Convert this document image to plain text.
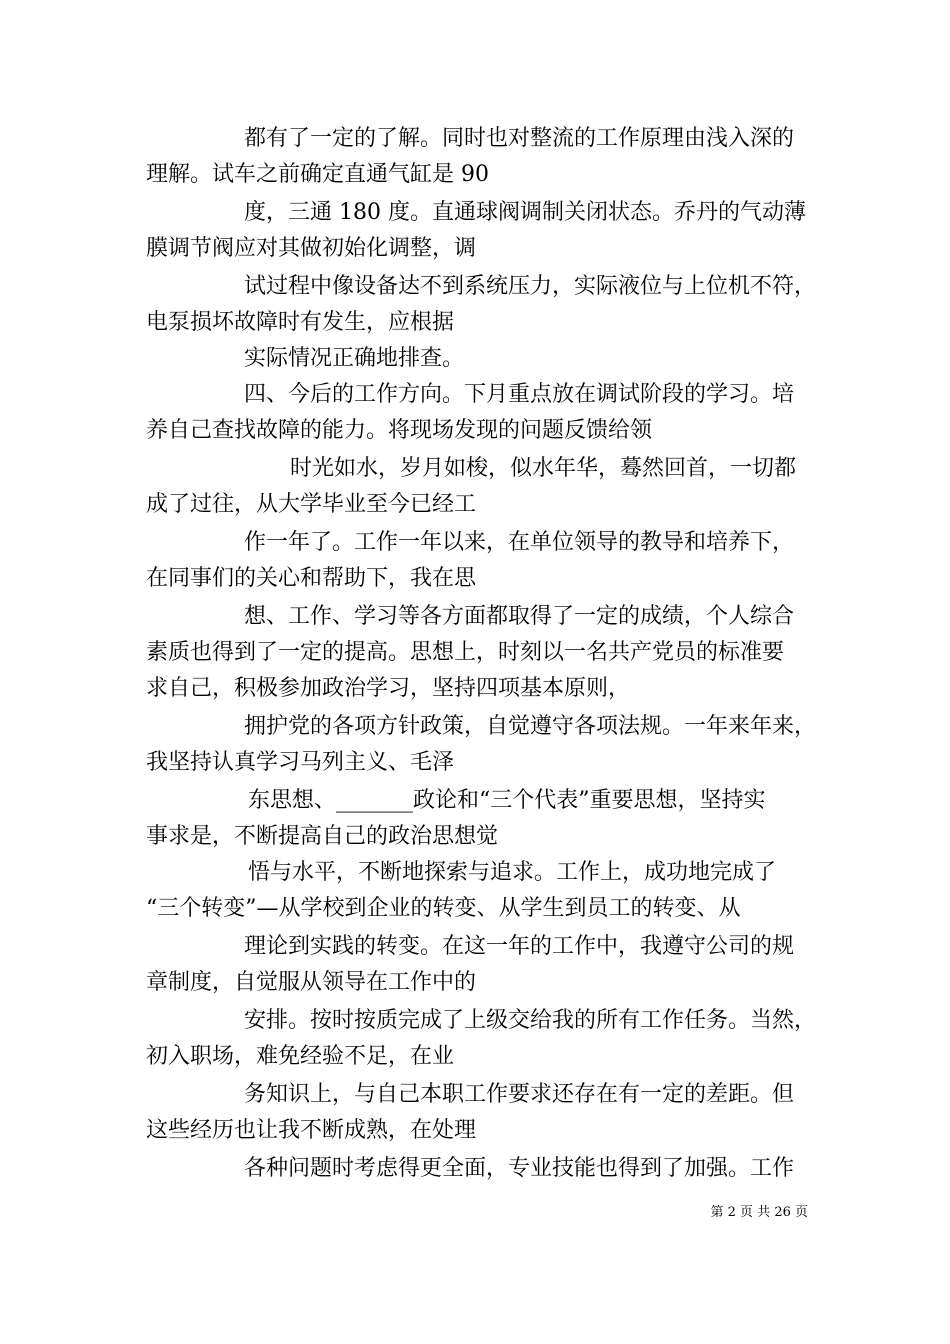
都有了一定的了解。同时也对整流的工作原理由浅入深的
理解。试车之前确定直通气缸是 90
度，三通 180 度。直通球阀调制关闭状态。乔丹的气动薄
膜调节阀应对其做初始化调整，调
试过程中像设备达不到系统压力，实际液位与上位机不符，
电泵损坏故障时有发生，应根据
实际情况正确地排查。
四、今后的工作方向。下月重点放在调试阶段的学习。培
养自己查找故障的能力。将现场发现的问题反馈给领
时光如水，岁月如梭，似水年华，蓦然回首，一切都
成了过往，从大学毕业至今已经工
作一年了。工作一年以来，在单位领导的教导和培养下，
在同事们的关心和帮助下，我在思
想、工作、学习等各方面都取得了一定的成绩，个人综合
素质也得到了一定的提高。思想上，时刻以一名共产党员的标准要
求自己，积极参加政治学习，坚持四项基本原则，
拥护党的各项方针政策，自觉遵守各项法规。一年来年来，
我坚持认真学习马列主义、毛泽
东思想、_______政论和“三个代表”重要思想，坚持实
事求是，不断提高自己的政治思想觉
悟与水平，不断地探索与追求。工作上，成功地完成了
“三个转变”—从学校到企业的转变、从学生到员工的转变、从
理论到实践的转变。在这一年的工作中，我遵守公司的规
章制度，自觉服从领导在工作中的
安排。按时按质完成了上级交给我的所有工作任务。当然，
初入职场，难免经验不足，在业
务知识上，与自己本职工作要求还存在有一定的差距。但
这些经历也让我不断成熟，在处理
各种问题时考虑得更全面，专业技能也得到了加强。工作
第 2 页 共 26 页
